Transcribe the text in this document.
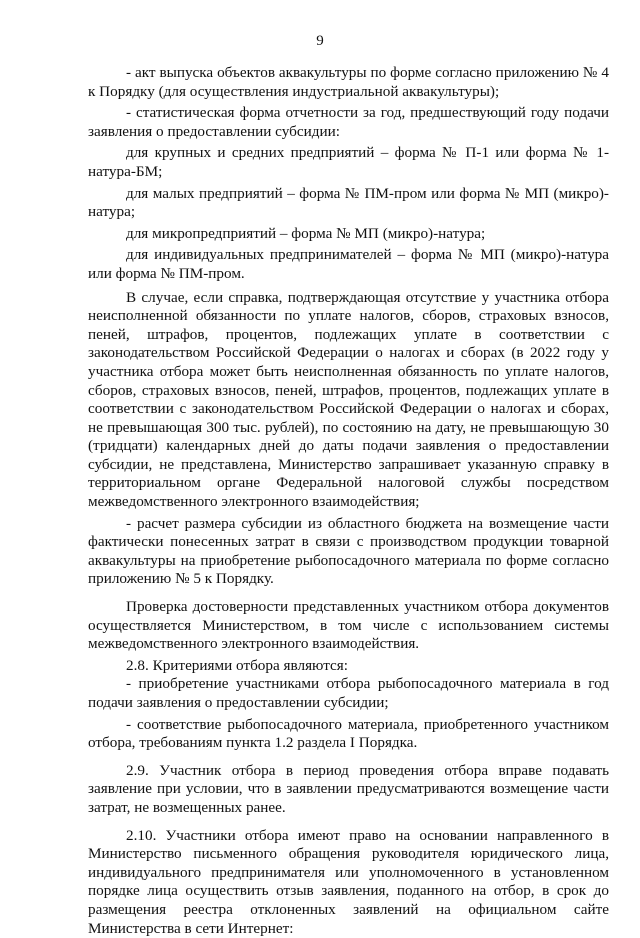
9

- акт выпуска объектов аквакультуры по форме согласно приложению № 4 к Порядку (для осуществления индустриальной аквакультуры);

- статистическая форма отчетности за год, предшествующий году подачи заявления о предоставлении субсидии:

для крупных и средних предприятий – форма № П-1 или форма № 1-натура-БМ;

для малых предприятий – форма № ПМ-пром или форма № МП (микро)-натура;

для микропредприятий – форма № МП (микро)-натура;

для индивидуальных предпринимателей – форма № МП (микро)-натура или форма № ПМ-пром.

В случае, если справка, подтверждающая отсутствие у участника отбора неисполненной обязанности по уплате налогов, сборов, страховых взносов, пеней, штрафов, процентов, подлежащих уплате в соответствии с законодательством Российской Федерации о налогах и сборах (в 2022 году у участника отбора может быть неисполненная обязанность по уплате налогов, сборов, страховых взносов, пеней, штрафов, процентов, подлежащих уплате в соответствии с законодательством Российской Федерации о налогах и сборах, не превышающая 300 тыс. рублей), по состоянию на дату, не превышающую 30 (тридцати) календарных дней до даты подачи заявления о предоставлении субсидии, не представлена, Министерство запрашивает указанную справку в территориальном органе Федеральной налоговой службы посредством межведомственного электронного взаимодействия;

- расчет размера субсидии из областного бюджета на возмещение части фактически понесенных затрат в связи с производством продукции товарной аквакультуры на приобретение рыбопосадочного материала по форме согласно приложению № 5 к Порядку.

Проверка достоверности представленных участником отбора документов осуществляется Министерством, в том числе с использованием системы межведомственного электронного взаимодействия.

2.8. Критериями отбора являются:

- приобретение участниками отбора рыбопосадочного материала в год подачи заявления о предоставлении субсидии;

- соответствие рыбопосадочного материала, приобретенного участником отбора, требованиям пункта 1.2 раздела I Порядка.

2.9. Участник отбора в период проведения отбора вправе подавать заявление при условии, что в заявлении предусматриваются возмещение части затрат, не возмещенных ранее.

2.10. Участники отбора имеют право на основании направленного в Министерство письменного обращения руководителя юридического лица, индивидуального предпринимателя или уполномоченного в установленном порядке лица осуществить отзыв заявления, поданного на отбор, в срок до размещения реестра отклоненных заявлений на официальном сайте Министерства в сети Интернет:
